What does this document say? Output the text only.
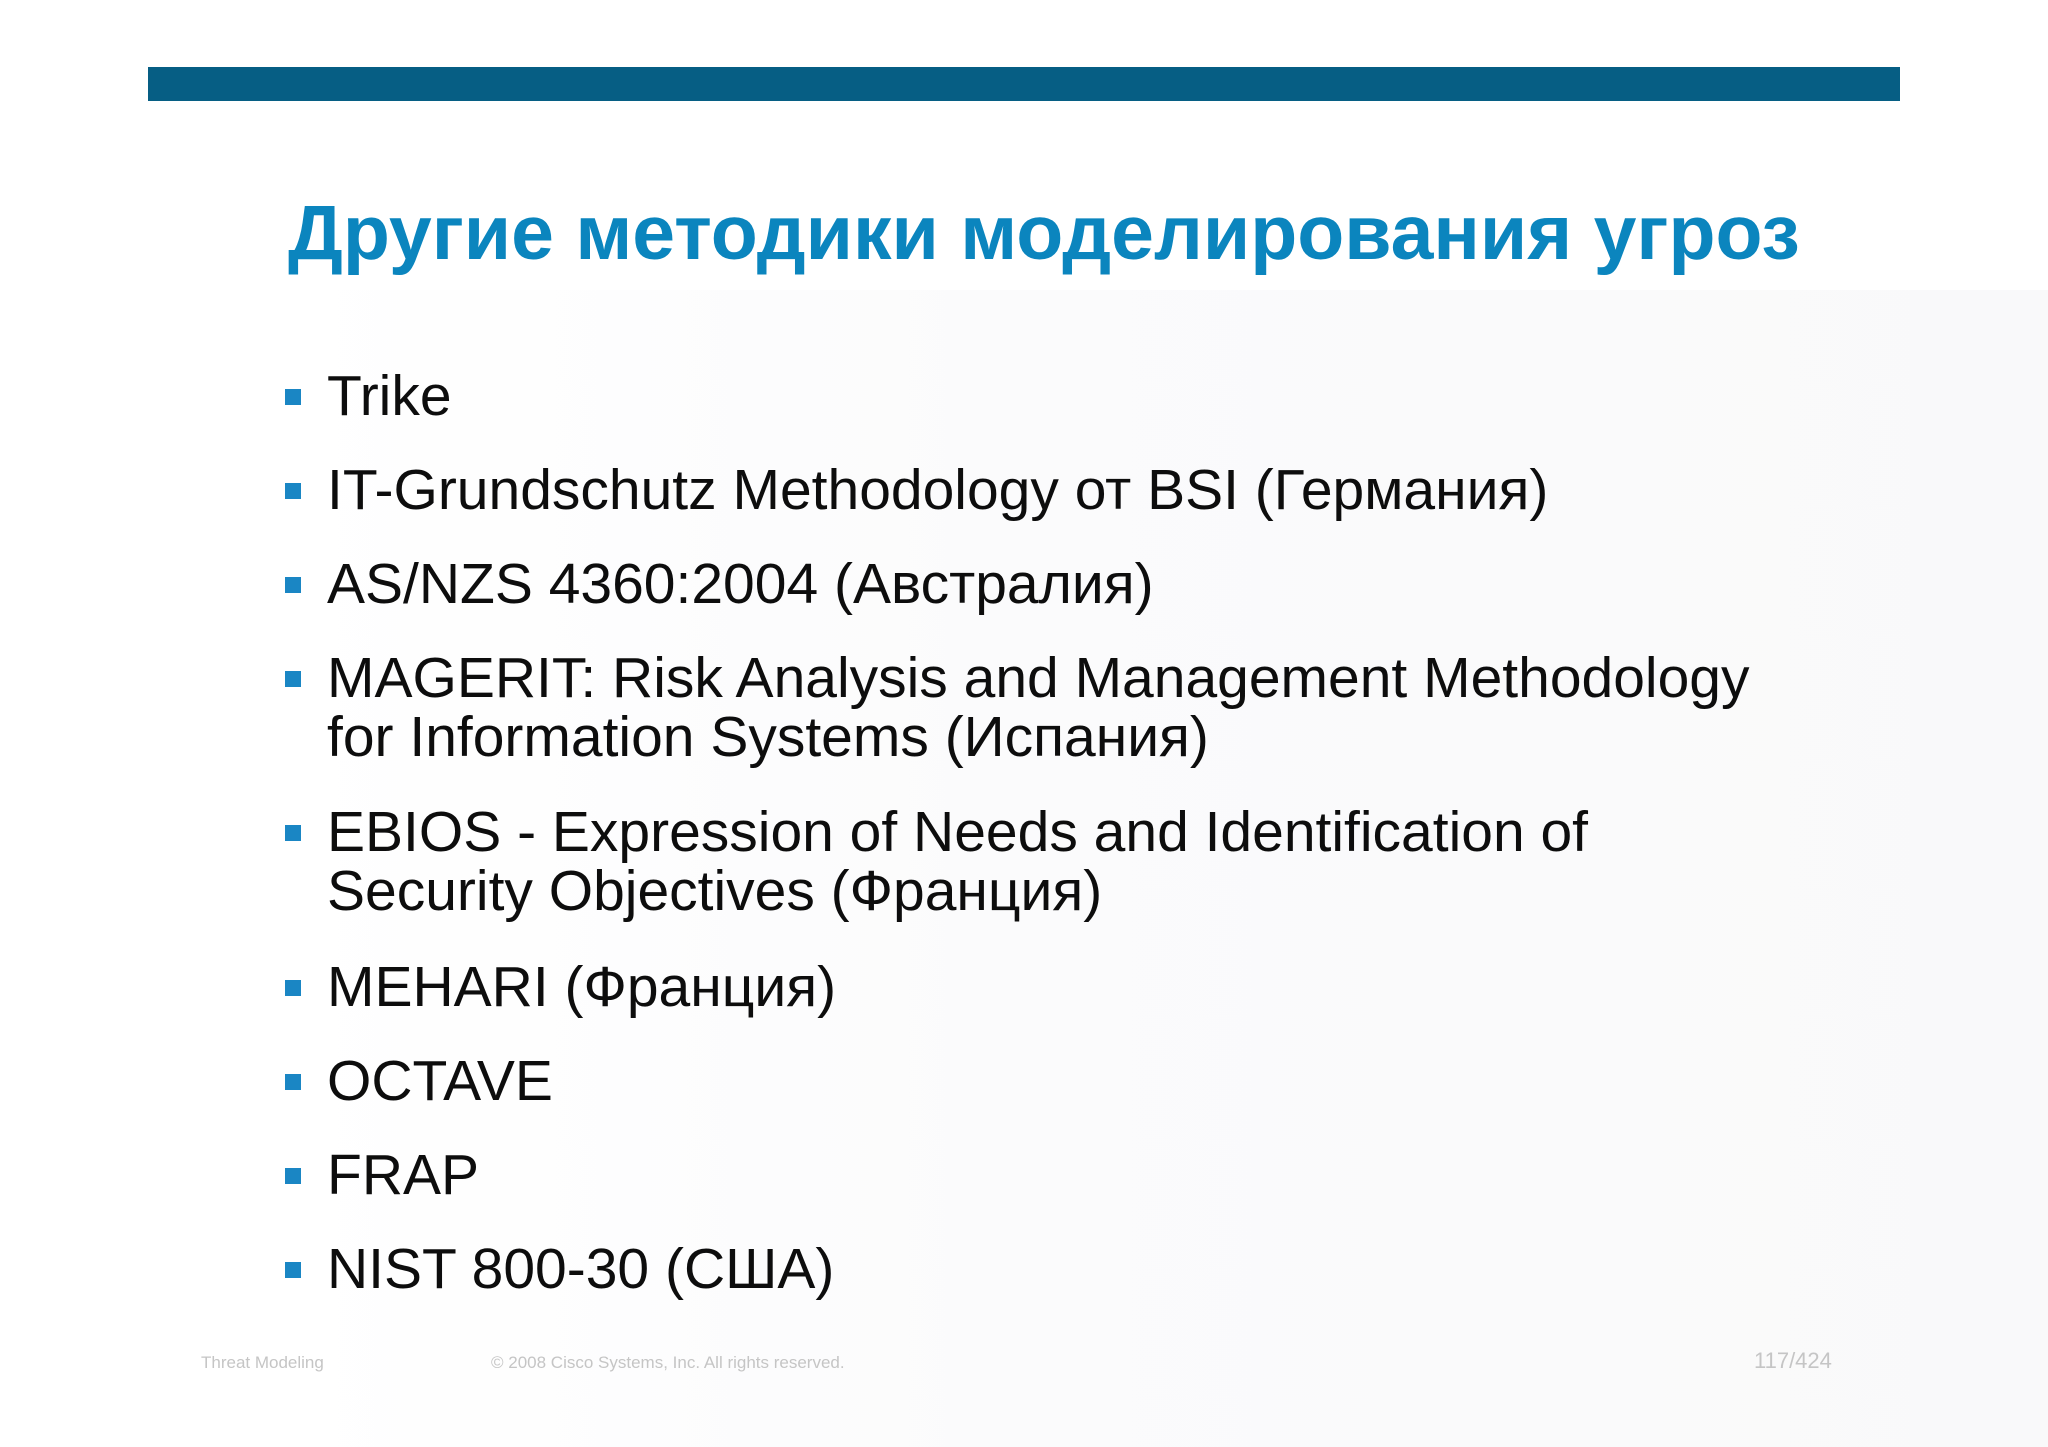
Другие методики моделирования угроз
Trike
IT-Grundschutz Methodology от BSI (Германия)
AS/NZS 4360:2004 (Австралия)
MAGERIT: Risk Analysis and Management Methodology
for Information Systems (Испания)
EBIOS - Expression of Needs and Identification of
Security Objectives (Франция)
MEHARI (Франция)
OCTAVE
FRAP
NIST 800-30 (США)
Threat Modeling	© 2008 Cisco Systems, Inc. All rights reserved.	117/424
